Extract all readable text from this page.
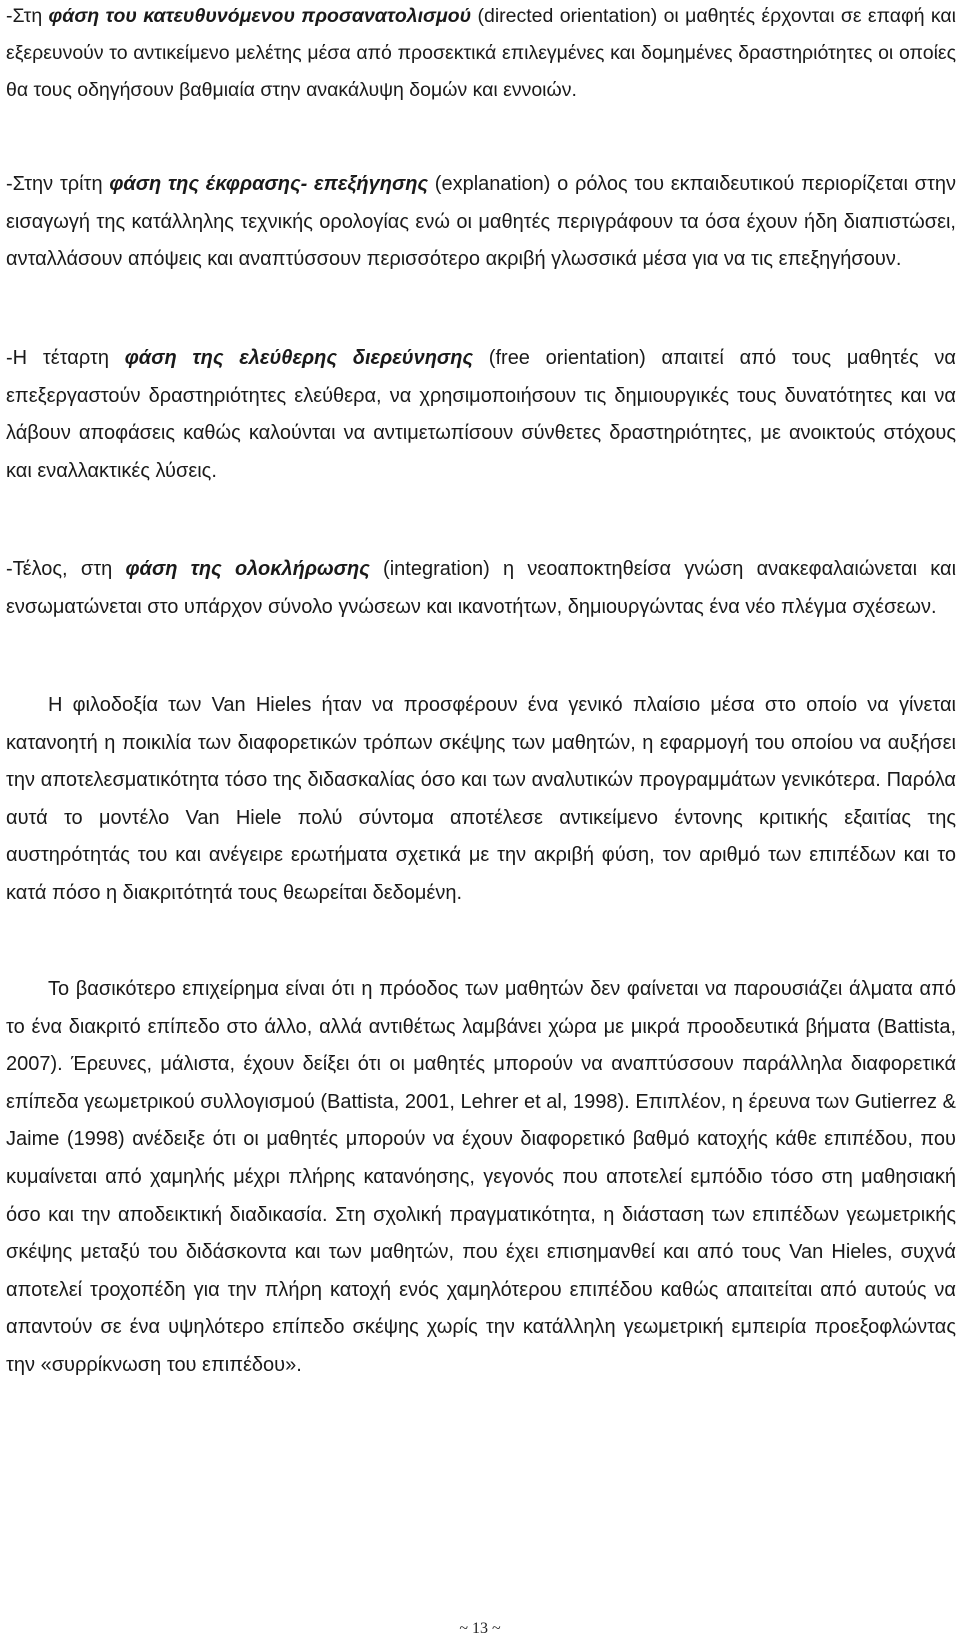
-Στη φάση του κατευθυνόμενου προσανατολισμού (directed orientation) οι μαθητές έρχονται σε επαφή και εξερευνούν το αντικείμενο μελέτης μέσα από προσεκτικά επιλεγμένες και δομημένες δραστηριότητες οι οποίες θα τους οδηγήσουν βαθμιαία στην ανακάλυψη δομών και εννοιών.

-Στην τρίτη φάση της έκφρασης- επεξήγησης (explanation) ο ρόλος του εκπαιδευτικού περιορίζεται στην εισαγωγή της κατάλληλης τεχνικής ορολογίας ενώ οι μαθητές περιγράφουν τα όσα έχουν ήδη διαπιστώσει, ανταλλάσουν απόψεις και αναπτύσσουν περισσότερο ακριβή γλωσσικά μέσα για να τις επεξηγήσουν.

-Η τέταρτη φάση της ελεύθερης διερεύνησης (free orientation) απαιτεί από τους μαθητές να επεξεργαστούν δραστηριότητες ελεύθερα, να χρησιμοποιήσουν τις δημιουργικές τους δυνατότητες και να λάβουν αποφάσεις καθώς καλούνται να αντιμετωπίσουν σύνθετες δραστηριότητες, με ανοικτούς στόχους και εναλλακτικές λύσεις.

-Τέλος, στη φάση της ολοκλήρωσης (integration) η νεοαποκτηθείσα γνώση ανακεφαλαιώνεται και ενσωματώνεται στο υπάρχον σύνολο γνώσεων και ικανοτήτων, δημιουργώντας ένα νέο πλέγμα σχέσεων.

Η φιλοδοξία των Van Hieles ήταν να προσφέρουν ένα γενικό πλαίσιο μέσα στο οποίο να γίνεται κατανοητή η ποικιλία των διαφορετικών τρόπων σκέψης των μαθητών, η εφαρμογή του οποίου να αυξήσει την αποτελεσματικότητα τόσο της διδασκαλίας όσο και των αναλυτικών προγραμμάτων γενικότερα. Παρόλα αυτά το μοντέλο Van Hiele πολύ σύντομα αποτέλεσε αντικείμενο έντονης κριτικής εξαιτίας της αυστηρότητάς του και ανέγειρε ερωτήματα σχετικά με την ακριβή φύση, τον αριθμό των επιπέδων και το κατά πόσο η διακριτότητά τους θεωρείται δεδομένη.

Το βασικότερο επιχείρημα είναι ότι η πρόοδος των μαθητών δεν φαίνεται να παρουσιάζει άλματα από το ένα διακριτό επίπεδο στο άλλο, αλλά αντιθέτως λαμβάνει χώρα με μικρά προοδευτικά βήματα (Battista, 2007). Έρευνες, μάλιστα, έχουν δείξει ότι οι μαθητές μπορούν να αναπτύσσουν παράλληλα διαφορετικά επίπεδα γεωμετρικού συλλογισμού (Battista, 2001, Lehrer et al, 1998). Επιπλέον, η έρευνα των Gutierrez & Jaime (1998) ανέδειξε ότι οι μαθητές μπορούν να έχουν διαφορετικό βαθμό κατοχής κάθε επιπέδου, που κυμαίνεται από χαμηλής μέχρι πλήρης κατανόησης, γεγονός που αποτελεί εμπόδιο τόσο στη μαθησιακή όσο και την αποδεικτική διαδικασία. Στη σχολική πραγματικότητα, η διάσταση των επιπέδων γεωμετρικής σκέψης μεταξύ του διδάσκοντα και των μαθητών, που έχει επισημανθεί και από τους Van Hieles, συχνά αποτελεί τροχοπέδη για την πλήρη κατοχή ενός χαμηλότερου επιπέδου καθώς απαιτείται από αυτούς να απαντούν σε ένα υψηλότερο επίπεδο σκέψης χωρίς την κατάλληλη γεωμετρική εμπειρία προεξοφλώντας την «συρρίκνωση του επιπέδου».

~ 13 ~
